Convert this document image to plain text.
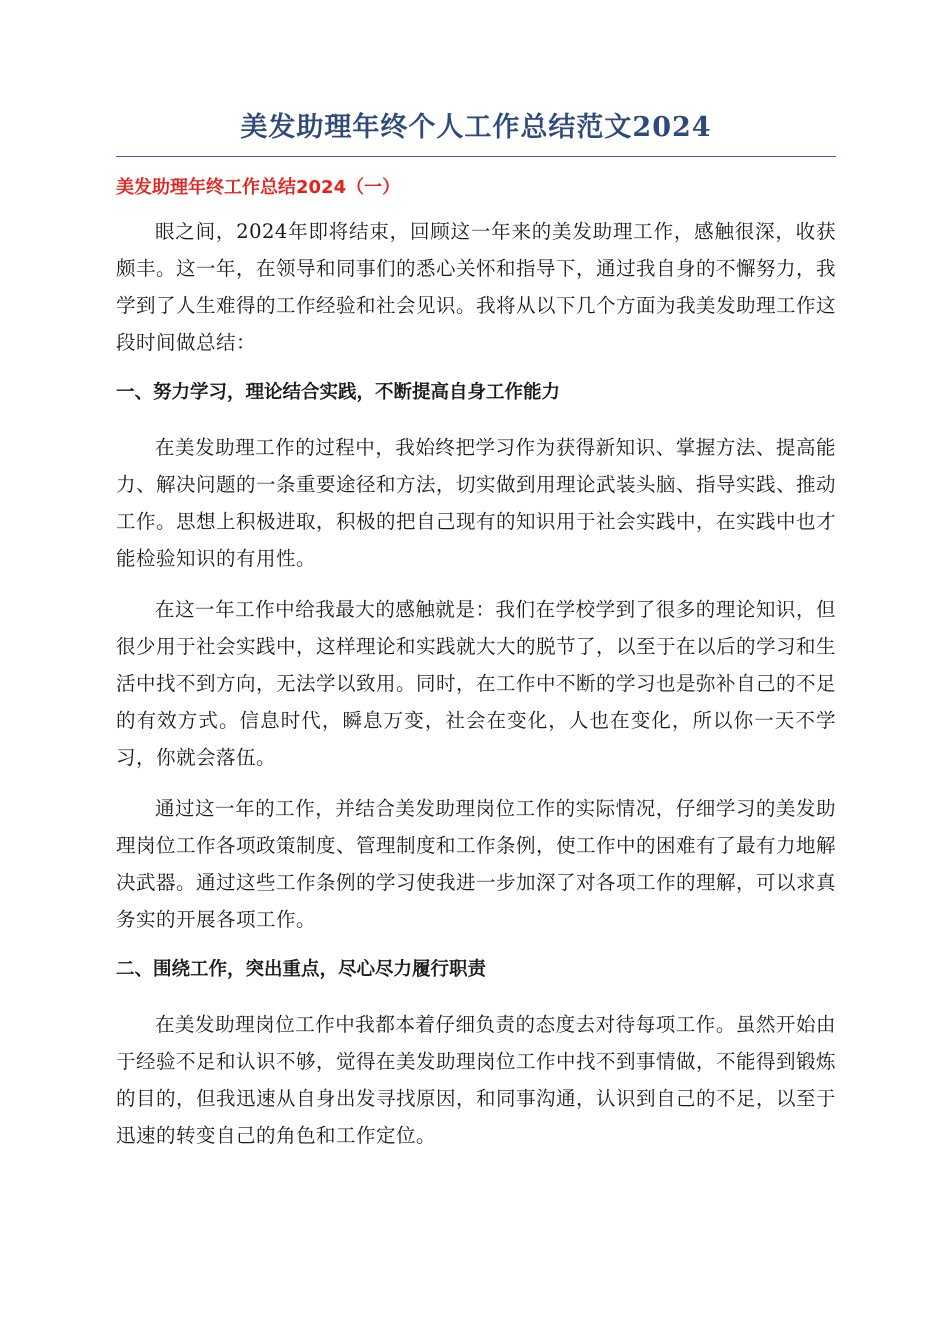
美发助理年终个人工作总结范文2024
美发助理年终工作总结2024（一）

眼之间，2024年即将结束，回顾这一年来的美发助理工作，感触很深，收获颇丰。这一年，在领导和同事们的悉心关怀和指导下，通过我自身的不懈努力，我学到了人生难得的工作经验和社会见识。我将从以下几个方面为我美发助理工作这段时间做总结：

一、努力学习，理论结合实践，不断提高自身工作能力

在美发助理工作的过程中，我始终把学习作为获得新知识、掌握方法、提高能力、解决问题的一条重要途径和方法，切实做到用理论武装头脑、指导实践、推动工作。思想上积极进取，积极的把自己现有的知识用于社会实践中，在实践中也才能检验知识的有用性。

在这一年工作中给我最大的感触就是：我们在学校学到了很多的理论知识，但很少用于社会实践中，这样理论和实践就大大的脱节了，以至于在以后的学习和生活中找不到方向，无法学以致用。同时，在工作中不断的学习也是弥补自己的不足的有效方式。信息时代，瞬息万变，社会在变化，人也在变化，所以你一天不学习，你就会落伍。

通过这一年的工作，并结合美发助理岗位工作的实际情况，仔细学习的美发助理岗位工作各项政策制度、管理制度和工作条例，使工作中的困难有了最有力地解决武器。通过这些工作条例的学习使我进一步加深了对各项工作的理解，可以求真务实的开展各项工作。

二、围绕工作，突出重点，尽心尽力履行职责

在美发助理岗位工作中我都本着仔细负责的态度去对待每项工作。虽然开始由于经验不足和认识不够，觉得在美发助理岗位工作中找不到事情做，不能得到锻炼的目的，但我迅速从自身出发寻找原因，和同事沟通，认识到自己的不足，以至于迅速的转变自己的角色和工作定位。
